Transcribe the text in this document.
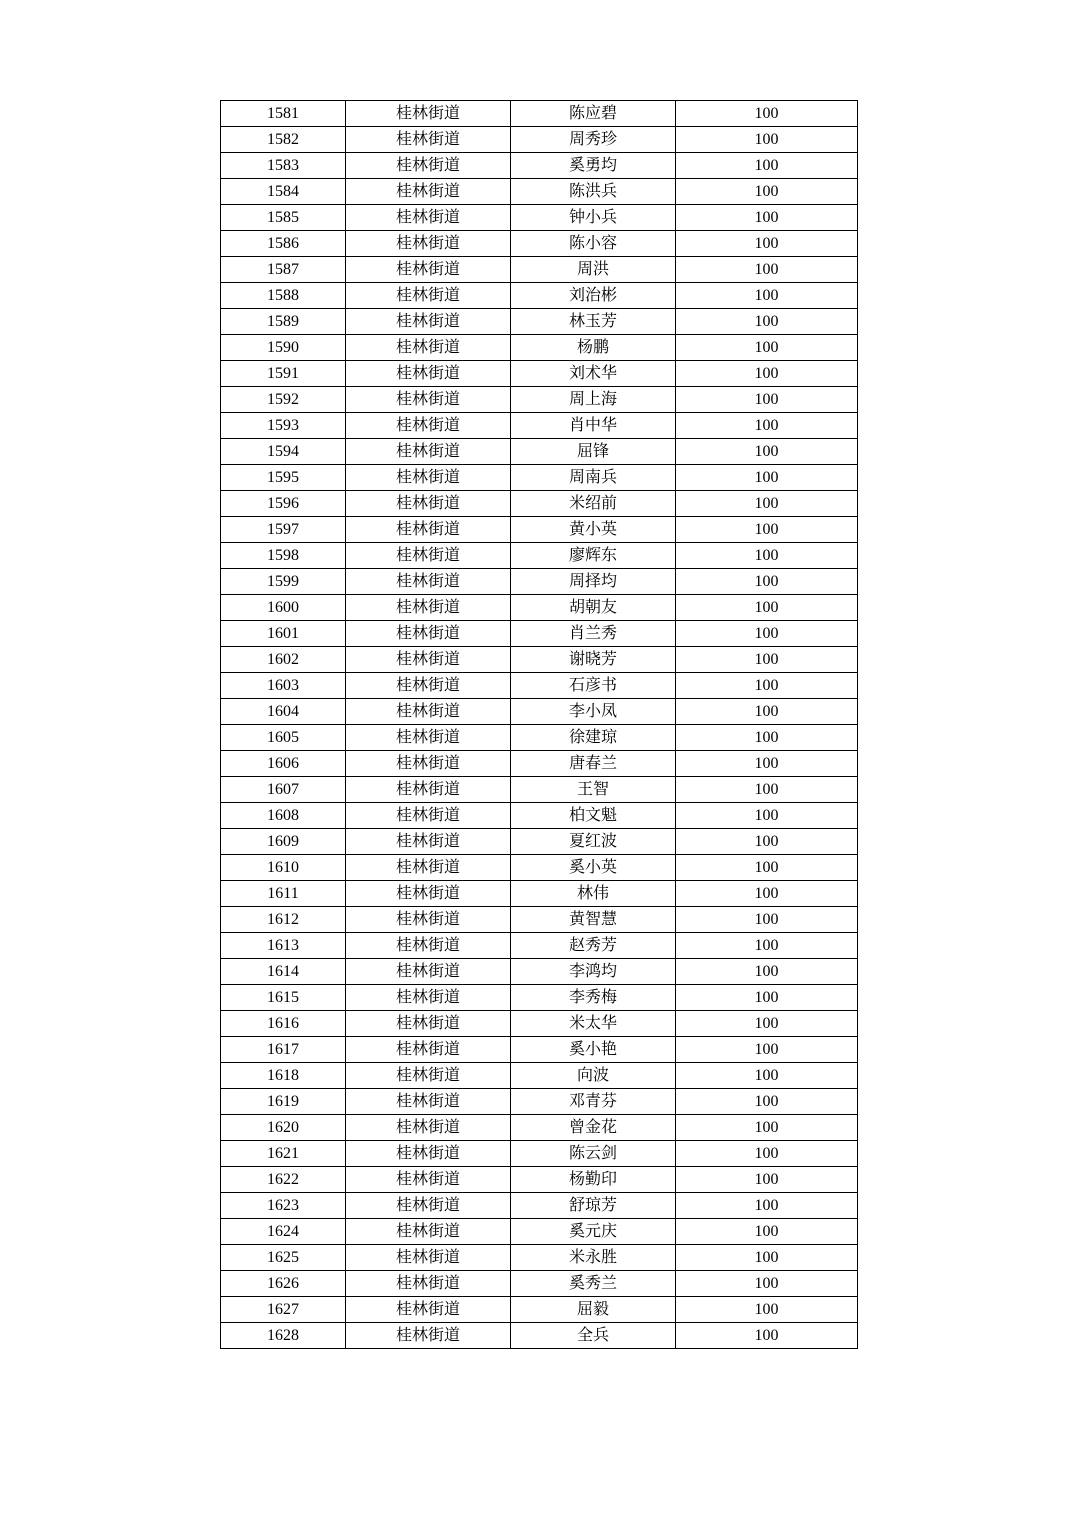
1581	桂林街道	陈应碧	100
1582	桂林街道	周秀珍	100
1583	桂林街道	奚勇均	100
1584	桂林街道	陈洪兵	100
1585	桂林街道	钟小兵	100
1586	桂林街道	陈小容	100
1587	桂林街道	周洪	100
1588	桂林街道	刘治彬	100
1589	桂林街道	林玉芳	100
1590	桂林街道	杨鹏	100
1591	桂林街道	刘术华	100
1592	桂林街道	周上海	100
1593	桂林街道	肖中华	100
1594	桂林街道	屈锋	100
1595	桂林街道	周南兵	100
1596	桂林街道	米绍前	100
1597	桂林街道	黄小英	100
1598	桂林街道	廖辉东	100
1599	桂林街道	周择均	100
1600	桂林街道	胡朝友	100
1601	桂林街道	肖兰秀	100
1602	桂林街道	谢晓芳	100
1603	桂林街道	石彦书	100
1604	桂林街道	李小凤	100
1605	桂林街道	徐建琼	100
1606	桂林街道	唐春兰	100
1607	桂林街道	王智	100
1608	桂林街道	柏文魁	100
1609	桂林街道	夏红波	100
1610	桂林街道	奚小英	100
1611	桂林街道	林伟	100
1612	桂林街道	黄智慧	100
1613	桂林街道	赵秀芳	100
1614	桂林街道	李鸿均	100
1615	桂林街道	李秀梅	100
1616	桂林街道	米太华	100
1617	桂林街道	奚小艳	100
1618	桂林街道	向波	100
1619	桂林街道	邓青芬	100
1620	桂林街道	曾金花	100
1621	桂林街道	陈云剑	100
1622	桂林街道	杨勤印	100
1623	桂林街道	舒琼芳	100
1624	桂林街道	奚元庆	100
1625	桂林街道	米永胜	100
1626	桂林街道	奚秀兰	100
1627	桂林街道	屈毅	100
1628	桂林街道	全兵	100
